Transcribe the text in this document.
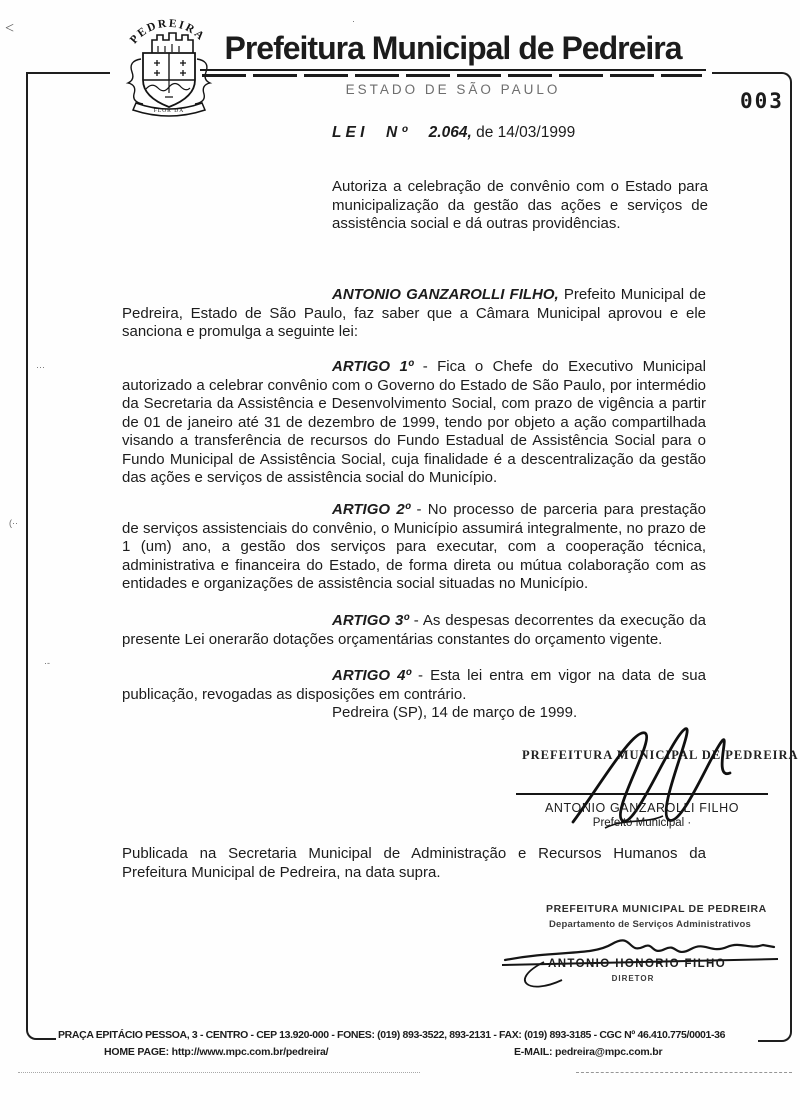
<	·
···
(··
·-
PEDREIRA
FLOR DA
Prefeitura Municipal de Pedreira
ESTADO DE SÃO PAULO	003
L E I     N º     2.064, de 14/03/1999
Autoriza a celebração de convênio com o Estado para municipalização da gestão das ações e serviços de assistência social e dá outras providências.

ANTONIO GANZAROLLI FILHO, Prefeito Municipal de Pedreira, Estado de São Paulo, faz saber que a Câmara Municipal aprovou e ele sanciona e promulga a seguinte lei:

ARTIGO 1º - Fica o Chefe do Executivo Municipal autorizado a celebrar convênio com o Governo do Estado de São Paulo, por intermédio da Secretaria da Assistência e Desenvolvimento Social, com prazo de vigência a partir de 01 de janeiro até 31 de dezembro de 1999, tendo por objeto a ação compartilhada visando a transferência de recursos do Fundo Estadual de Assistência Social para o Fundo Municipal de Assistência Social, cuja finalidade é a descentralização da gestão das ações e serviços de assistência social do Município.

ARTIGO 2º - No processo de parceria para prestação de serviços assistenciais do convênio, o Município assumirá integralmente, no prazo de 1 (um) ano, a gestão dos serviços para executar, com a cooperação técnica, administrativa e financeira do Estado, de forma direta ou mútua colaboração com as entidades e organizações de assistência social situadas no Município.

ARTIGO 3º - As despesas decorrentes da execução da presente Lei onerarão dotações orçamentárias constantes do orçamento vigente.

ARTIGO 4º - Esta lei entra em vigor na data de sua publicação, revogadas as disposições em contrário.

Pedreira (SP), 14 de março de 1999.
PREFEITURA MUNICIPAL DE PEDREIRA
ANTONIO GANZAROLLI FILHO
Prefeito Municipal ·
Publicada na Secretaria Municipal de Administração e Recursos Humanos da Prefeitura Municipal de Pedreira, na data supra.
PREFEITURA MUNICIPAL DE PEDREIRA
Departamento de Serviços Administrativos
ANTONIO HONORIO FILHO
DIRETOR
PRAÇA EPITÁCIO PESSOA, 3 - CENTRO - CEP 13.920-000 - FONES: (019) 893-3522, 893-2131 - FAX: (019) 893-3185 - CGC Nº 46.410.775/0001-36
HOME PAGE: http://www.mpc.com.br/pedreira/	E-MAIL: pedreira@mpc.com.br
